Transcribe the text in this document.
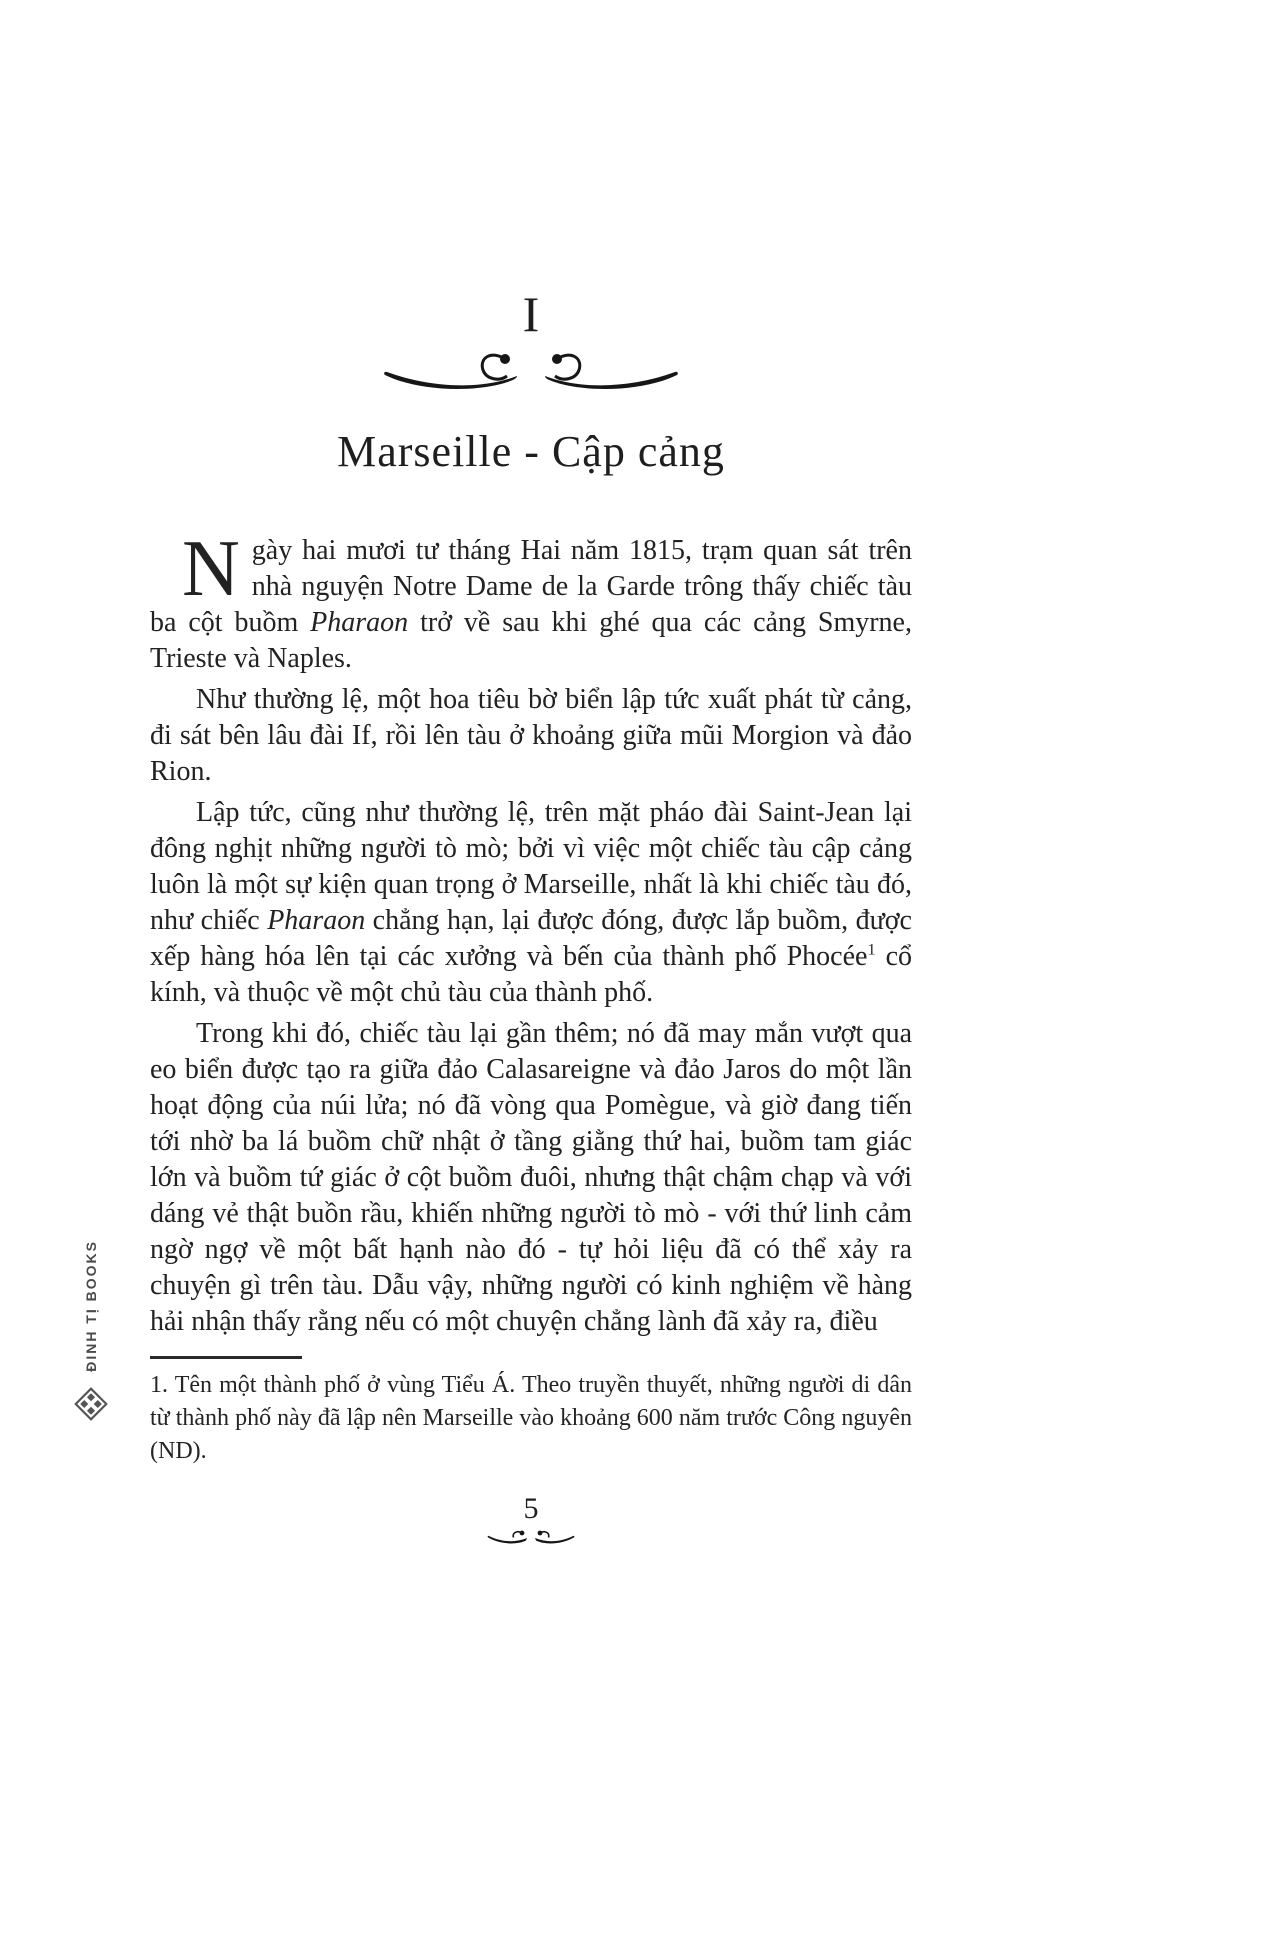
ĐINH TỊ BOOKS
I
Marseille - Cập cảng

Ngày hai mươi tư tháng Hai năm 1815, trạm quan sát trên nhà nguyện Notre Dame de la Garde trông thấy chiếc tàu ba cột buồm Pharaon trở về sau khi ghé qua các cảng Smyrne, Trieste và Naples.

Như thường lệ, một hoa tiêu bờ biển lập tức xuất phát từ cảng, đi sát bên lâu đài If, rồi lên tàu ở khoảng giữa mũi Morgion và đảo Rion.

Lập tức, cũng như thường lệ, trên mặt pháo đài Saint-Jean lại đông nghịt những người tò mò; bởi vì việc một chiếc tàu cập cảng luôn là một sự kiện quan trọng ở Marseille, nhất là khi chiếc tàu đó, như chiếc Pharaon chẳng hạn, lại được đóng, được lắp buồm, được xếp hàng hóa lên tại các xưởng và bến của thành phố Phocée$^1$ cổ kính, và thuộc về một chủ tàu của thành phố.

Trong khi đó, chiếc tàu lại gần thêm; nó đã may mắn vượt qua eo biển được tạo ra giữa đảo Calasareigne và đảo Jaros do một lần hoạt động của núi lửa; nó đã vòng qua Pomègue, và giờ đang tiến tới nhờ ba lá buồm chữ nhật ở tầng giằng thứ hai, buồm tam giác lớn và buồm tứ giác ở cột buồm đuôi, nhưng thật chậm chạp và với dáng vẻ thật buồn rầu, khiến những người tò mò - với thứ linh cảm ngờ ngợ về một bất hạnh nào đó - tự hỏi liệu đã có thể xảy ra chuyện gì trên tàu. Dẫu vậy, những người có kinh nghiệm về hàng hải nhận thấy rằng nếu có một chuyện chẳng lành đã xảy ra, điều

1. Tên một thành phố ở vùng Tiểu Á. Theo truyền thuyết, những người di dân từ thành phố này đã lập nên Marseille vào khoảng 600 năm trước Công nguyên (ND).
5
